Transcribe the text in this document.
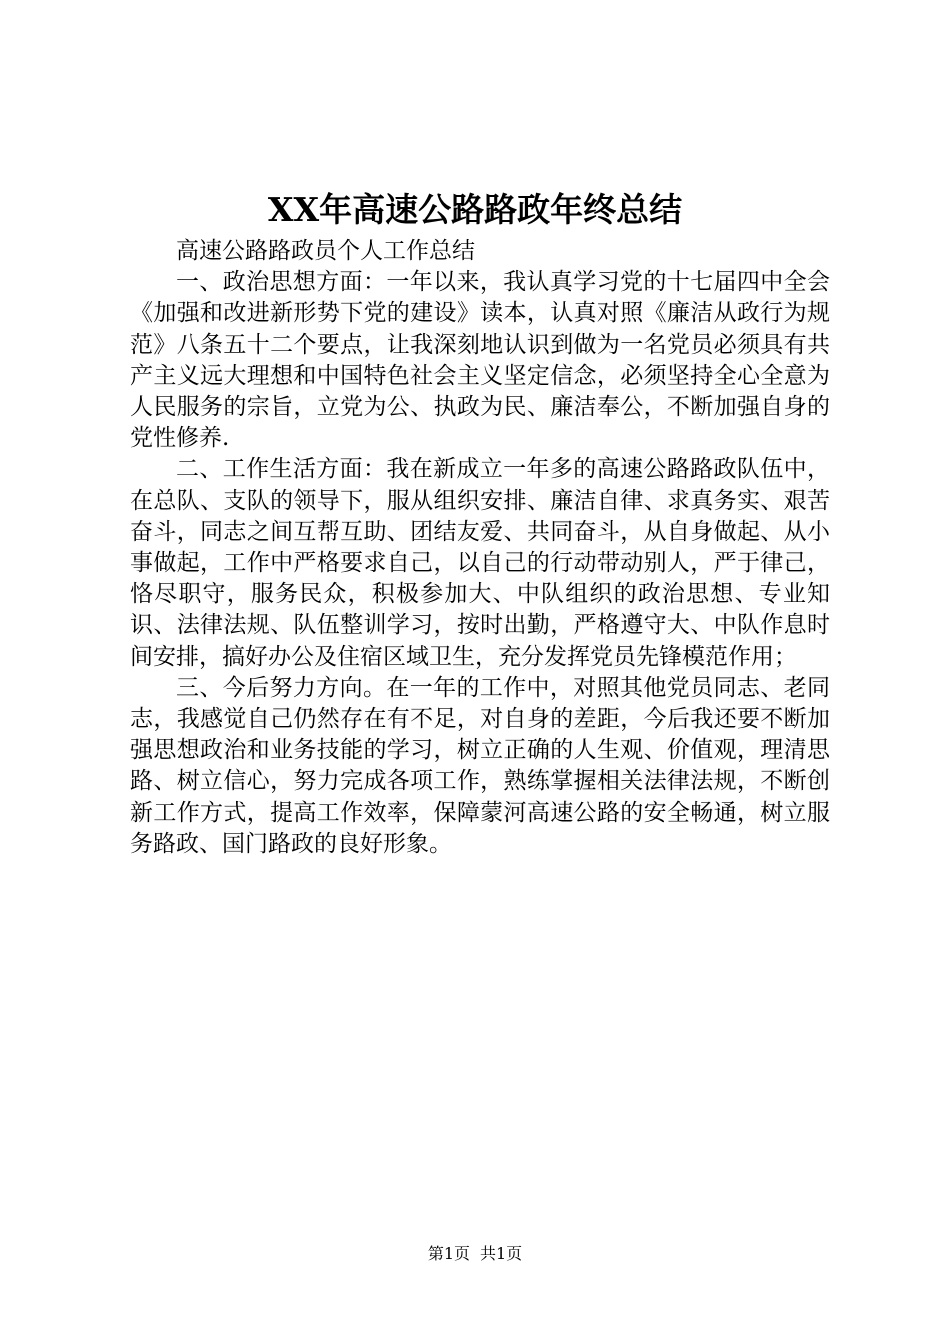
XX年高速公路路政年终总结

高速公路路政员个人工作总结

一、政治思想方面：一年以来，我认真学习党的十七届四中全会《加强和改进新形势下党的建设》读本，认真对照《廉洁从政行为规范》八条五十二个要点，让我深刻地认识到做为一名党员必须具有共产主义远大理想和中国特色社会主义坚定信念，必须坚持全心全意为人民服务的宗旨，立党为公、执政为民、廉洁奉公，不断加强自身的党性修养.

二、工作生活方面：我在新成立一年多的高速公路路政队伍中，在总队、支队的领导下，服从组织安排、廉洁自律、求真务实、艰苦奋斗，同志之间互帮互助、团结友爱、共同奋斗，从自身做起、从小事做起，工作中严格要求自己，以自己的行动带动别人，严于律己，恪尽职守，服务民众，积极参加大、中队组织的政治思想、专业知识、法律法规、队伍整训学习，按时出勤，严格遵守大、中队作息时间安排，搞好办公及住宿区域卫生，充分发挥党员先锋模范作用；

三、今后努力方向。在一年的工作中，对照其他党员同志、老同志，我感觉自己仍然存在有不足，对自身的差距，今后我还要不断加强思想政治和业务技能的学习，树立正确的人生观、价值观，理清思路、树立信心，努力完成各项工作，熟练掌握相关法律法规，不断创新工作方式，提高工作效率，保障蒙河高速公路的安全畅通，树立服务路政、国门路政的良好形象。

第1页 共1页
